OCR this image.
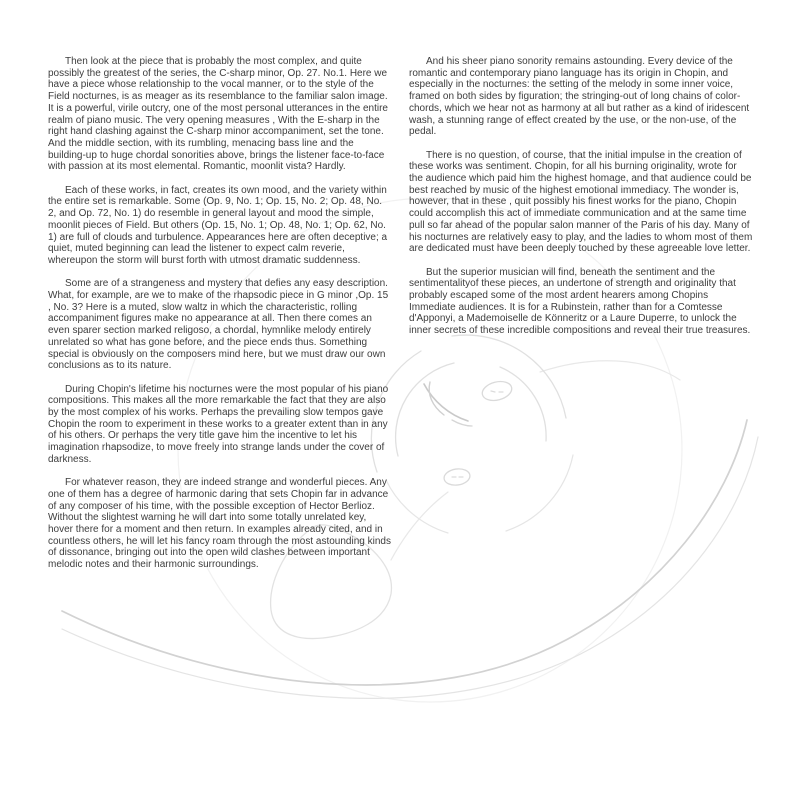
Then look at the piece that is probably the most complex, and quite possibly the greatest of the series, the C-sharp minor, Op. 27. No.1. Here we have a piece whose relationship to the vocal manner, or to the style of the Field nocturnes, is as meager as its resemblance to the familiar salon image. It is a powerful, virile outcry, one of the most personal utterances in the entire realm of piano music. The very opening measures , With the E-sharp in the right hand clashing against the C-sharp minor accompaniment, set the tone. And the middle section, with its rumbling, menacing bass line and the building-up to huge chordal sonorities above, brings the listener face-to-face with passion at its most elemental. Romantic, moonlit vista? Hardly.

Each of these works, in fact, creates its own mood, and the variety within the entire set is remarkable. Some (Op. 9, No. 1; Op. 15, No. 2; Op. 48, No. 2, and Op. 72, No. 1) do resemble in general layout and mood the simple, moonlit pieces of Field. But others (Op. 15, No. 1; Op. 48, No. 1; Op. 62, No. 1) are full of clouds and turbulence. Appearances here are often deceptive; a quiet, muted beginning can lead the listener to expect calm reverie, whereupon the storm will burst forth with utmost dramatic suddenness.

Some are of a strangeness and mystery that defies any easy description. What, for example, are we to make of the rhapsodic piece in G minor ,Op. 15 , No. 3? Here is a muted, slow waltz in which the characteristic, rolling accompaniment figures make no appearance at all. Then there comes an even sparer section marked religoso, a chordal, hymnlike melody entirely unrelated so what has gone before, and the piece ends thus. Something special is obviously on the composers mind here, but we must draw our own conclusions as to its nature.

During Chopin's lifetime his nocturnes were the most popular of his piano compositions. This makes all the more remarkable the fact that they are also by the most complex of his works. Perhaps the prevailing slow tempos gave Chopin the room to experiment in these works to a greater extent than in any of his others. Or perhaps the very title gave him the incentive to let his imagination rhapsodize, to move freely into strange lands under the cover of darkness.

For whatever reason, they are indeed strange and wonderful pieces. Any one of them has a degree of harmonic daring that sets Chopin far in advance of any composer of his time, with the possible exception of Hector Berlioz. Without the slightest warning he will dart into some totally unrelated key, hover there for a moment and then return. In examples already cited, and in countless others, he will let his fancy roam through the most astounding kinds of dissonance, bringing out into the open wild clashes between important melodic notes and their harmonic surroundings.

And his sheer piano sonority remains astounding. Every device of the romantic and contemporary piano language has its origin in Chopin, and especially in the nocturnes: the setting of the melody in some inner voice, framed on both sides by figuration; the stringing-out of long chains of color-chords, which we hear not as harmony at all but rather as a kind of iridescent wash, a stunning range of effect created by the use, or the non-use, of the pedal.

There is no question, of course, that the initial impulse in the creation of these works was sentiment. Chopin, for all his burning originality, wrote for the audience which paid him the highest homage, and that audience could be best reached by music of the highest emotional immediacy. The wonder is, however, that in these , quit possibly his finest works for the piano, Chopin could accomplish this act of immediate communication and at the same time pull so far ahead of the popular salon manner of the Paris of his day. Many of his nocturnes are relatively easy to play, and the ladies to whom most of them are dedicated must have been deeply touched by these agreeable love letter.

But the superior musician will find, beneath the sentiment and the sentimentalityof these pieces, an undertone of strength and originality that probably escaped some of the most ardent hearers among Chopins Immediate audiences. It is for a Rubinstein, rather than for a Comtesse d'Apponyi, a Mademoiselle de Könneritz or a Laure Duperre, to unlock the inner secrets of these incredible compositions and reveal their true treasures.
